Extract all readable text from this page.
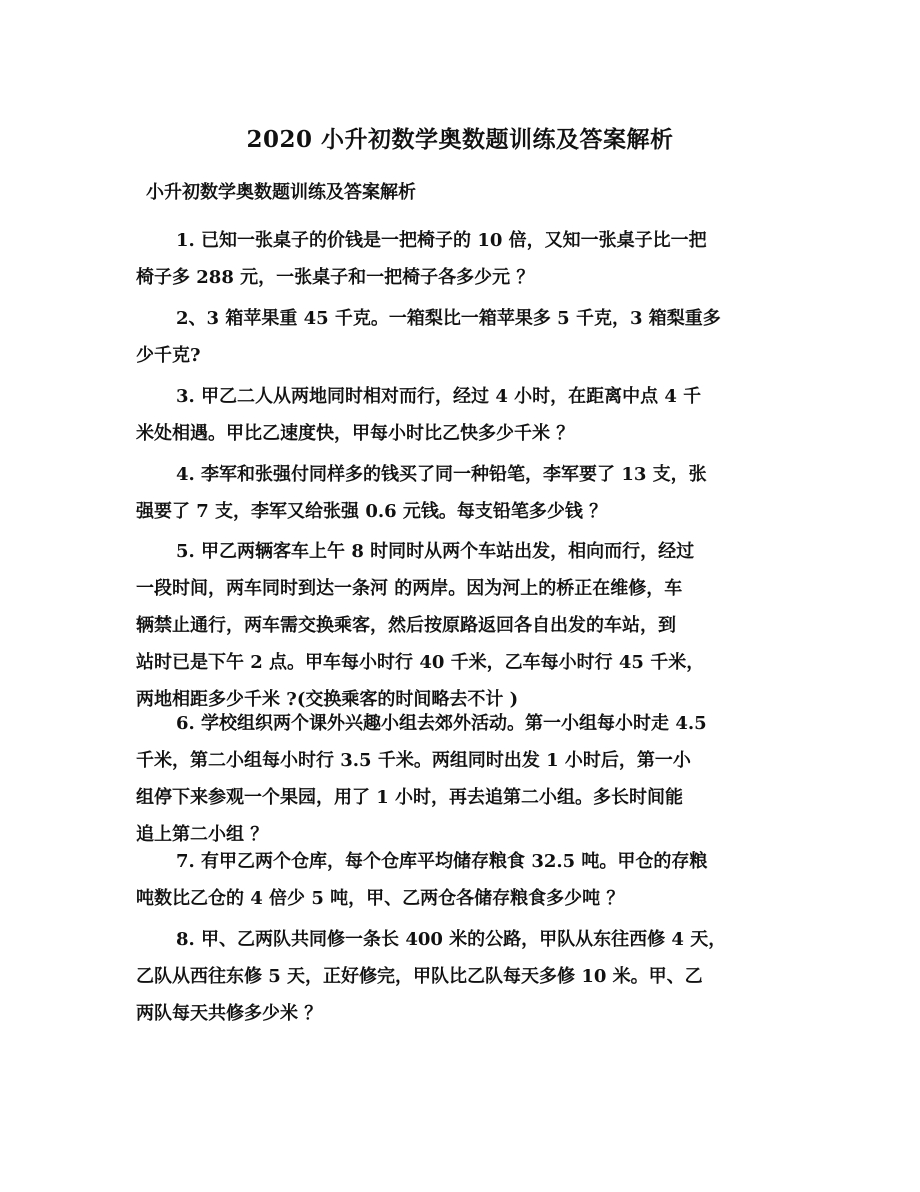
2020 小升初数学奥数题训练及答案解析
小升初数学奥数题训练及答案解析
1. 已知一张桌子的价钱是一把椅子的 10 倍，又知一张桌子比一把
椅子多 288 元，一张桌子和一把椅子各多少元 ？
2、3 箱苹果重 45 千克。一箱梨比一箱苹果多 5 千克，3 箱梨重多
少千克?
3. 甲乙二人从两地同时相对而行，经过 4 小时，在距离中点 4 千
米处相遇。甲比乙速度快，甲每小时比乙快多少千米 ？
4. 李军和张强付同样多的钱买了同一种铅笔，李军要了 13 支，张
强要了 7 支，李军又给张强 0.6 元钱。每支铅笔多少钱 ？
5. 甲乙两辆客车上午 8 时同时从两个车站出发，相向而行，经过
一段时间，两车同时到达一条河 的两岸。因为河上的桥正在维修，车
辆禁止通行，两车需交换乘客，然后按原路返回各自出发的车站，到
站时已是下午 2 点。甲车每小时行 40 千米，乙车每小时行 45 千米，
两地相距多少千米 ?(交换乘客的时间略去不计 )
6. 学校组织两个课外兴趣小组去郊外活动。第一小组每小时走 4.5
千米，第二小组每小时行 3.5 千米。两组同时出发 1 小时后，第一小
组停下来参观一个果园，用了 1 小时，再去追第二小组。多长时间能
追上第二小组 ？
7. 有甲乙两个仓库，每个仓库平均储存粮食 32.5 吨。甲仓的存粮
吨数比乙仓的 4 倍少 5 吨，甲、乙两仓各储存粮食多少吨 ？
8. 甲、乙两队共同修一条长 400 米的公路，甲队从东往西修 4 天，
乙队从西往东修 5 天，正好修完，甲队比乙队每天多修 10 米。甲、乙
两队每天共修多少米 ？
